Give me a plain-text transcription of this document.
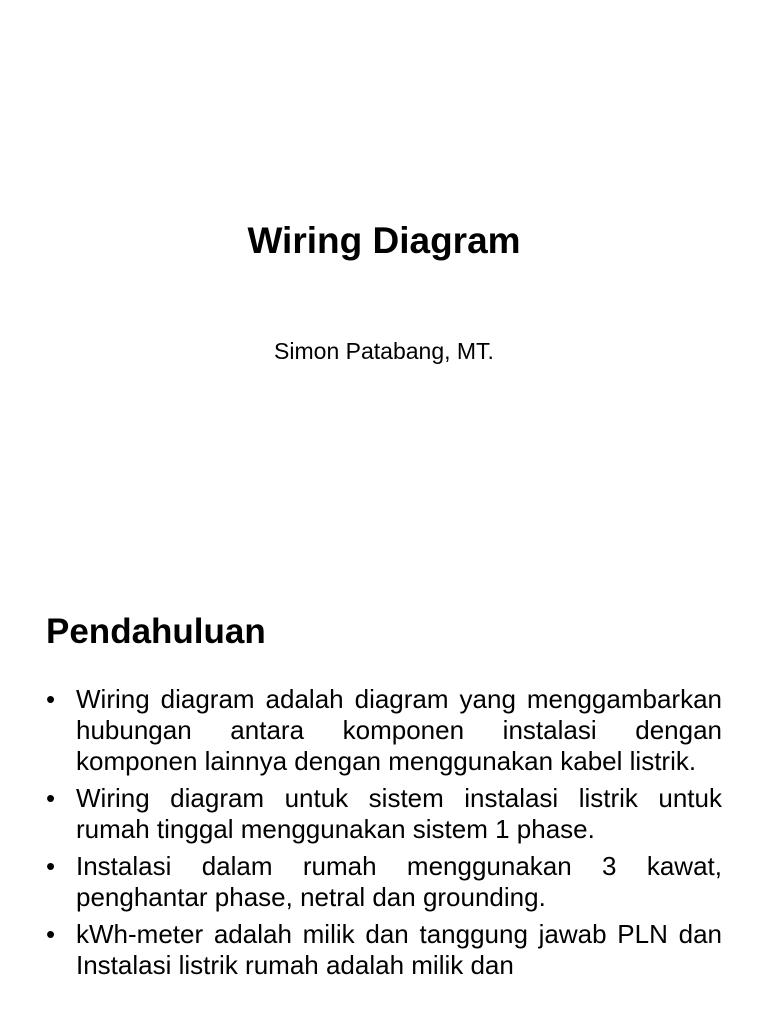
Wiring Diagram
Simon Patabang, MT.
Pendahuluan
• Wiring diagram adalah diagram yang menggambarkan hubungan antara komponen instalasi dengan komponen lainnya dengan menggunakan kabel listrik.
• Wiring diagram untuk sistem instalasi listrik untuk rumah tinggal menggunakan sistem 1 phase.
• Instalasi dalam rumah menggunakan 3 kawat, penghantar phase, netral dan grounding.
• kWh-meter adalah milik dan tanggung jawab PLN dan Instalasi listrik rumah adalah milik dan
